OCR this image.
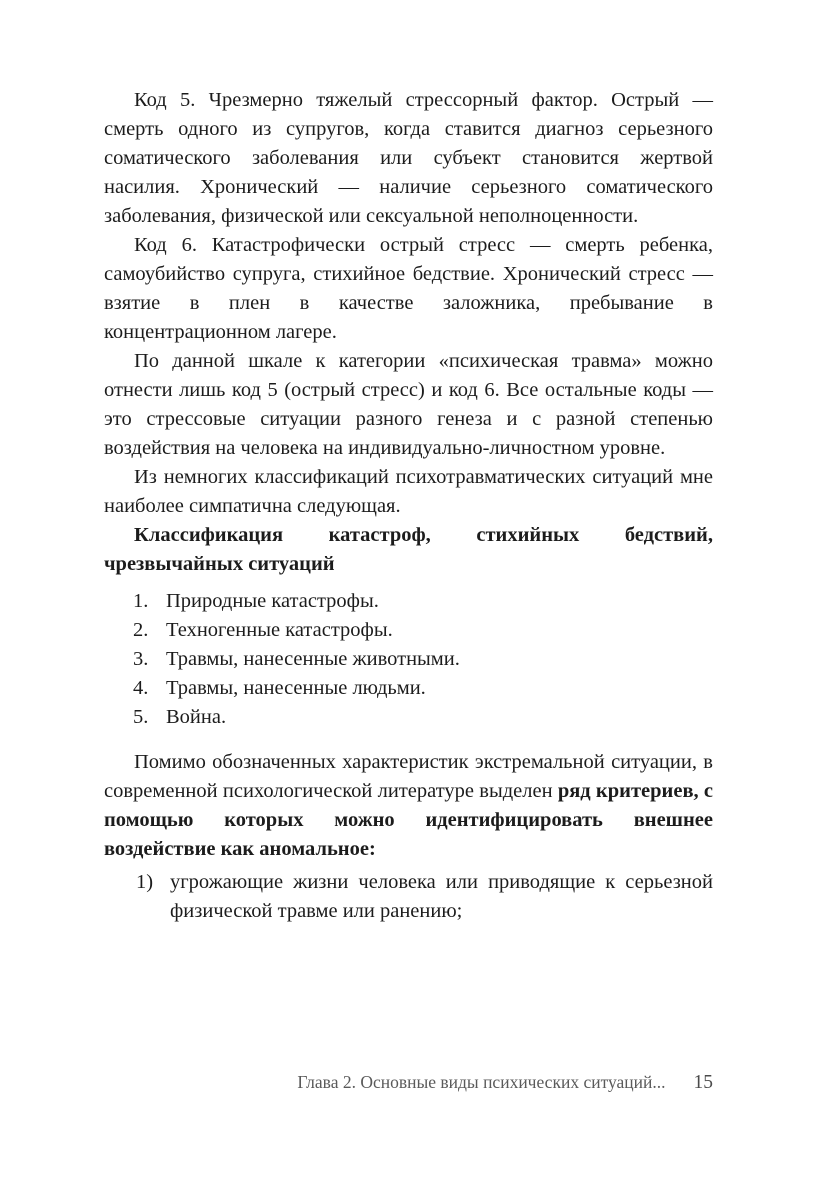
Код 5. Чрезмерно тяжелый стрессорный фактор. Острый — смерть одного из супругов, когда ставится диагноз серьезного соматического заболевания или субъект становится жертвой насилия. Хронический — наличие серьезного соматического заболевания, физической или сексуальной неполноценности.

Код 6. Катастрофически острый стресс — смерть ребенка, самоубийство супруга, стихийное бедствие. Хронический стресс — взятие в плен в качестве заложника, пребывание в концентрационном лагере.

По данной шкале к категории «психическая травма» можно отнести лишь код 5 (острый стресс) и код 6. Все остальные коды — это стрессовые ситуации разного генеза и с разной степенью воздействия на человека на индивидуально-личностном уровне.

Из немногих классификаций психотравматических ситуаций мне наиболее симпатична следующая.

Классификация катастроф, стихийных бедствий, чрезвычайных ситуаций

1. Природные катастрофы.
2. Техногенные катастрофы.
3. Травмы, нанесенные животными.
4. Травмы, нанесенные людьми.
5. Война.

Помимо обозначенных характеристик экстремальной ситуации, в современной психологической литературе выделен ряд критериев, с помощью которых можно идентифицировать внешнее воздействие как аномальное:

1) угрожающие жизни человека или приводящие к серьезной физической травме или ранению;
Глава 2. Основные виды психических ситуаций... 15
